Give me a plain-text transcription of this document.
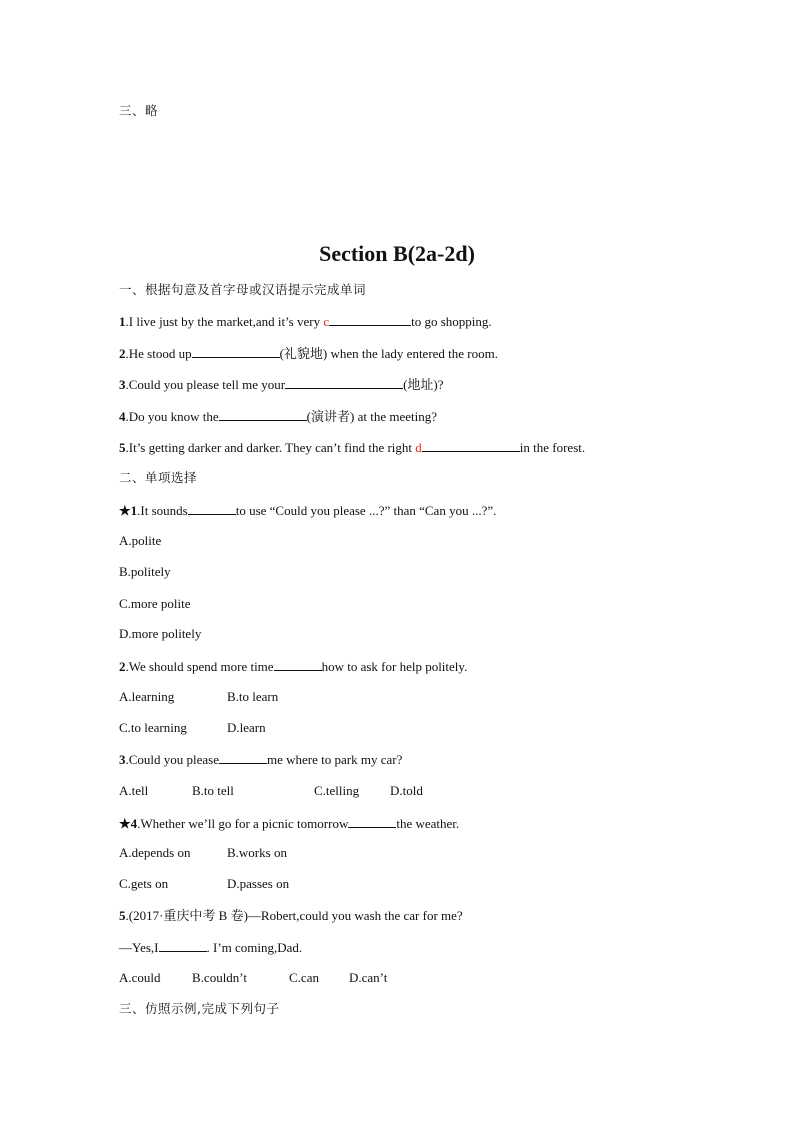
三、略
Section B(2a-2d)
一、根据句意及首字母或汉语提示完成单词
1.I live just by the market,and it’s very c	to go shopping.
2.He stood up	(礼貌地) when the lady entered the room.
3.Could you please tell me your	(地址)?
4.Do you know the	(演讲者) at the meeting?
5.It’s getting darker and darker. They can’t find the right d	in the forest.
二、单项选择
★1.It sounds	to use “Could you please ...?” than “Can you ...?”.
A.polite
B.politely
C.more polite
D.more politely
2.We should spend more time	how to ask for help politely.
A.learning	B.to learn
C.to learning	D.learn
3.Could you please	me where to park my car?
A.tell	B.to tell	C.telling D.told
★4.Whether we’ll go for a picnic tomorrow	the weather.
A.depends on	B.works on
C.gets on	D.passes on
5.(2017·重庆中考 B 卷)—Robert,could you wash the car for me?
—Yes,I	. I’m coming,Dad.
A.could B.couldn’t	C.can D.can’t
三、仿照示例,完成下列句子
